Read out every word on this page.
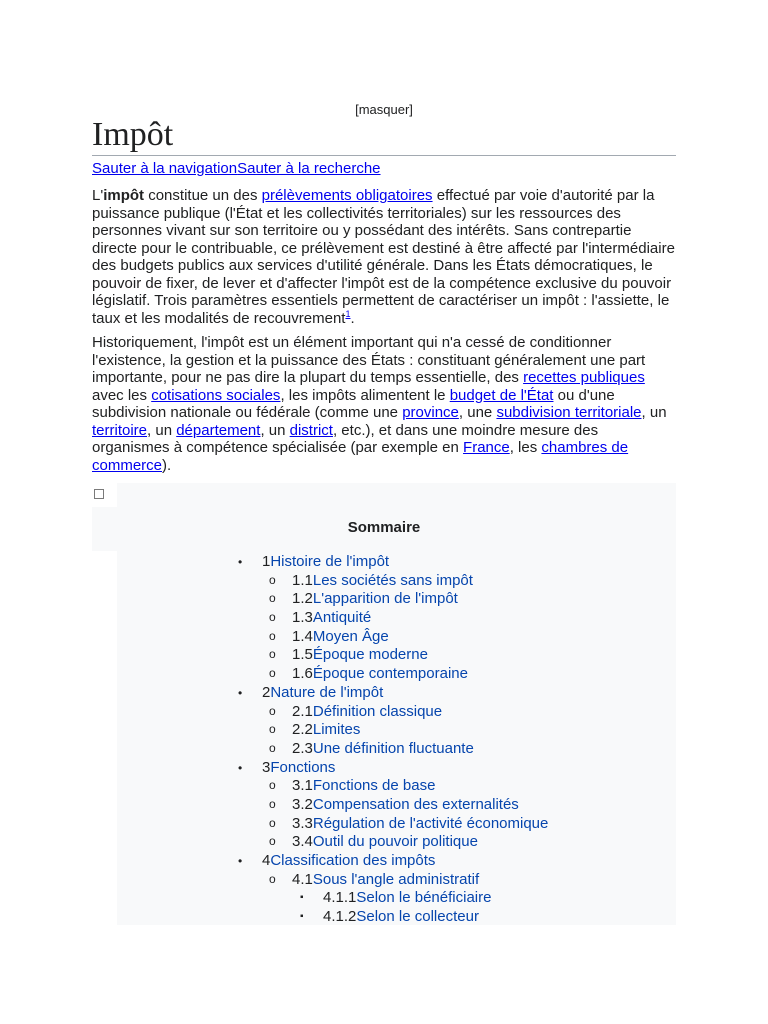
[masquer]
Impôt
Sauter à la navigationSauter à la recherche

L'impôt constitue un des prélèvements obligatoires effectué par voie d'autorité par la puissance publique (l'État et les collectivités territoriales) sur les ressources des personnes vivant sur son territoire ou y possédant des intérêts. Sans contrepartie directe pour le contribuable, ce prélèvement est destiné à être affecté par l'intermédiaire des budgets publics aux services d'utilité générale. Dans les États démocratiques, le pouvoir de fixer, de lever et d'affecter l'impôt est de la compétence exclusive du pouvoir législatif. Trois paramètres essentiels permettent de caractériser un impôt : l'assiette, le taux et les modalités de recouvrement$^1$.

Historiquement, l'impôt est un élément important qui n'a cessé de conditionner l'existence, la gestion et la puissance des États : constituant généralement une part importante, pour ne pas dire la plupart du temps essentielle, des recettes publiques avec les cotisations sociales, les impôts alimentent le budget de l'État ou d'une subdivision nationale ou fédérale (comme une province, une subdivision territoriale, un territoire, un département, un district, etc.), et dans une moindre mesure des organismes à compétence spécialisée (par exemple en France, les chambres de commerce).

Sommaire
• 1Histoire de l'impôt
o 1.1Les sociétés sans impôt
o 1.2L'apparition de l'impôt
o 1.3Antiquité
o 1.4Moyen Âge
o 1.5Époque moderne
o 1.6Époque contemporaine
• 2Nature de l'impôt
o 2.1Définition classique
o 2.2Limites
o 2.3Une définition fluctuante
• 3Fonctions
o 3.1Fonctions de base
o 3.2Compensation des externalités
o 3.3Régulation de l'activité économique
o 3.4Outil du pouvoir politique
• 4Classification des impôts
o 4.1Sous l'angle administratif
▪ 4.1.1Selon le bénéficiaire
▪ 4.1.2Selon le collecteur
